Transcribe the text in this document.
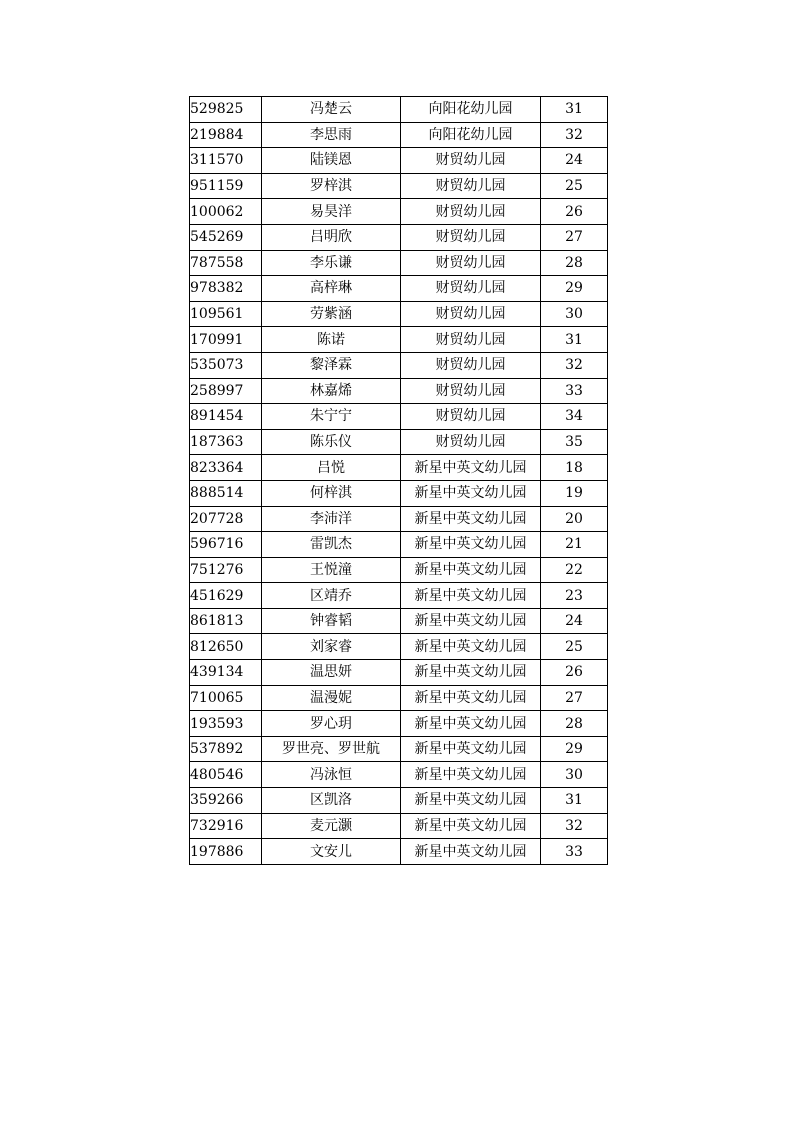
529825	冯楚云	向阳花幼儿园	31
219884	李思雨	向阳花幼儿园	32
311570	陆镁恩	财贸幼儿园	24
951159	罗梓淇	财贸幼儿园	25
100062	易昊洋	财贸幼儿园	26
545269	吕明欣	财贸幼儿园	27
787558	李乐谦	财贸幼儿园	28
978382	高梓琳	财贸幼儿园	29
109561	劳紫涵	财贸幼儿园	30
170991	陈诺	财贸幼儿园	31
535073	黎泽霖	财贸幼儿园	32
258997	林嘉烯	财贸幼儿园	33
891454	朱宁宁	财贸幼儿园	34
187363	陈乐仪	财贸幼儿园	35
823364	吕悦	新星中英文幼儿园	18
888514	何梓淇	新星中英文幼儿园	19
207728	李沛洋	新星中英文幼儿园	20
596716	雷凯杰	新星中英文幼儿园	21
751276	王悦潼	新星中英文幼儿园	22
451629	区靖乔	新星中英文幼儿园	23
861813	钟睿韬	新星中英文幼儿园	24
812650	刘家睿	新星中英文幼儿园	25
439134	温思妍	新星中英文幼儿园	26
710065	温漫妮	新星中英文幼儿园	27
193593	罗心玥	新星中英文幼儿园	28
537892	罗世亮、罗世航	新星中英文幼儿园	29
480546	冯泳恒	新星中英文幼儿园	30
359266	区凯洛	新星中英文幼儿园	31
732916	麦元灏	新星中英文幼儿园	32
197886	文安儿	新星中英文幼儿园	33
